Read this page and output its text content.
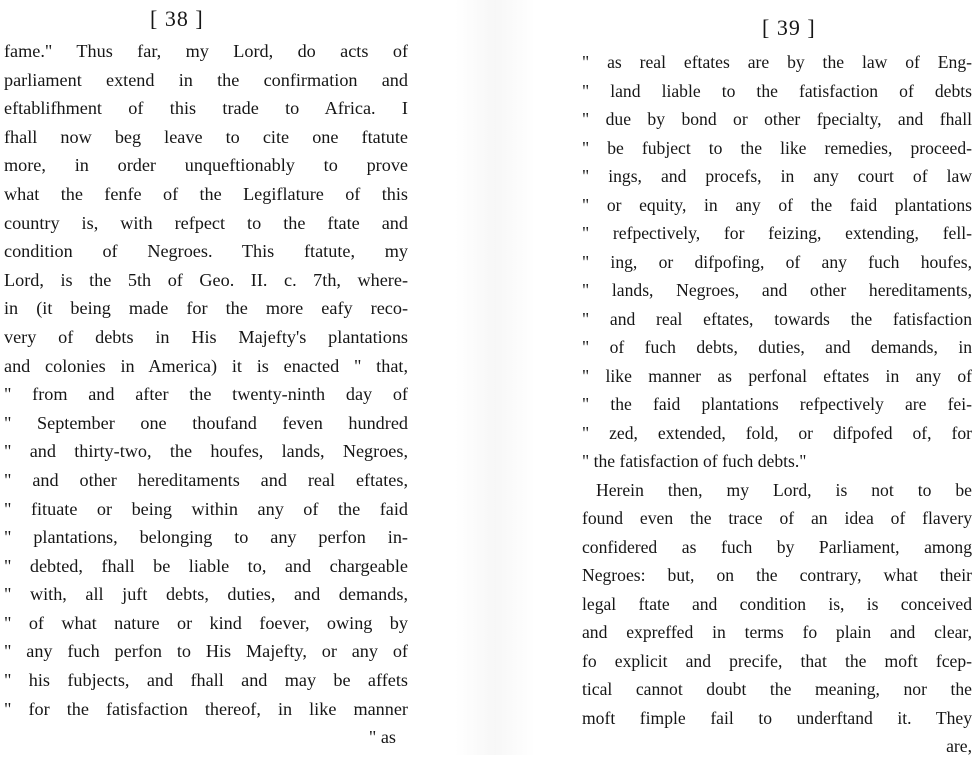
[ 38 ]
fame." Thus far, my Lord, do acts of
parliament extend in the confirmation and
eftablifhment of this trade to Africa. I
fhall now beg leave to cite one ftatute
more, in order unqueftionably to prove
what the fenfe of the Legiflature of this
country is, with refpect to the ftate and
condition of Negroes. This ftatute, my
Lord, is the 5th of Geo. II. c. 7th, where-
in (it being made for the more eafy reco-
very of debts in His Majefty's plantations
and colonies in America) it is enacted " that,
" from and after the twenty-ninth day of
" September one thoufand feven hundred
" and thirty-two, the houfes, lands, Negroes,
" and other hereditaments and real eftates,
" fituate or being within any of the faid
" plantations, belonging to any perfon in-
" debted, fhall be liable to, and chargeable
" with, all juft debts, duties, and demands,
" of what nature or kind foever, owing by
" any fuch perfon to His Majefty, or any of
" his fubjects, and fhall and may be affets
" for the fatisfaction thereof, in like manner
" as
[ 39 ]
" as real eftates are by the law of Eng-
" land liable to the fatisfaction of debts
" due by bond or other fpecialty, and fhall
" be fubject to the like remedies, proceed-
" ings, and procefs, in any court of law
" or equity, in any of the faid plantations
" refpectively, for feizing, extending, fell-
" ing, or difpofing, of any fuch houfes,
" lands, Negroes, and other hereditaments,
" and real eftates, towards the fatisfaction
" of fuch debts, duties, and demands, in
" like manner as perfonal eftates in any of
" the faid plantations refpectively are fei-
" zed, extended, fold, or difpofed of, for
" the fatisfaction of fuch debts."
Herein then, my Lord, is not to be
found even the trace of an idea of flavery
confidered as fuch by Parliament, among
Negroes: but, on the contrary, what their
legal ftate and condition is, is conceived
and expreffed in terms fo plain and clear,
fo explicit and precife, that the moft fcep-
tical cannot doubt the meaning, nor the
moft fimple fail to underftand it. They
are,
